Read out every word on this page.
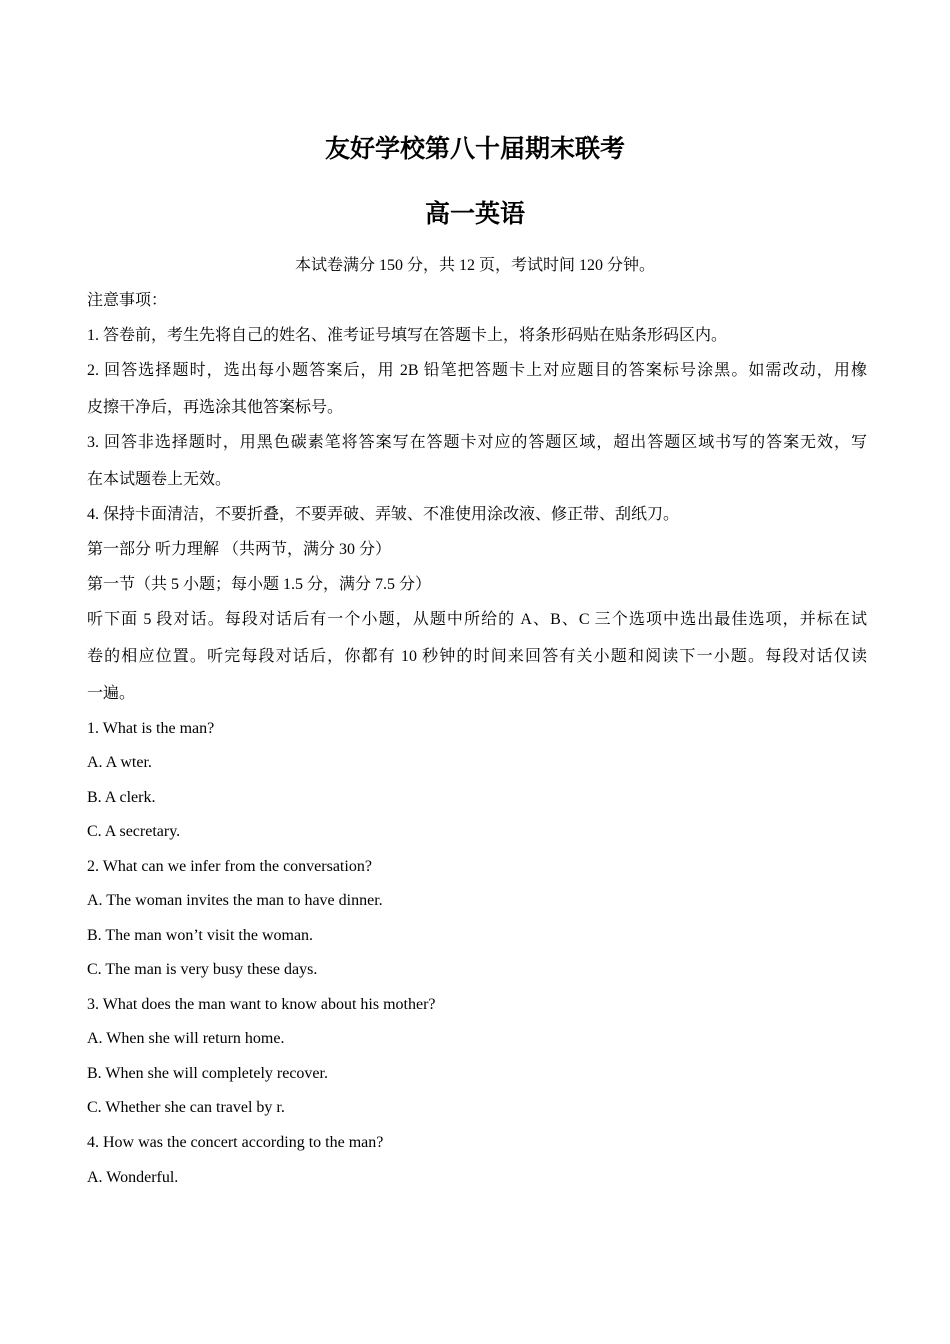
友好学校第八十届期末联考
高一英语
本试卷满分 150 分，共 12 页，考试时间 120 分钟。
注意事项：
1. 答卷前，考生先将自己的姓名、准考证号填写在答题卡上，将条形码贴在贴条形码区内。
2. 回答选择题时，选出每小题答案后，用 2B 铅笔把答题卡上对应题目的答案标号涂黑。如需改动，用橡
皮擦干净后，再选涂其他答案标号。
3. 回答非选择题时，用黑色碳素笔将答案写在答题卡对应的答题区域，超出答题区域书写的答案无效，写
在本试题卷上无效。
4. 保持卡面清洁，不要折叠，不要弄破、弄皱、不准使用涂改液、修正带、刮纸刀。
第一部分 听力理解 （共两节，满分 30 分）
第一节（共 5 小题；每小题 1.5 分，满分 7.5 分）
听下面 5 段对话。每段对话后有一个小题，从题中所给的 A、B、C 三个选项中选出最佳选项，并标在试
卷的相应位置。听完每段对话后，你都有 10 秒钟的时间来回答有关小题和阅读下一小题。每段对话仅读
一遍。
1. What is the man?
A. A wter.
B. A clerk.
C. A secretary.
2. What can we infer from the conversation?
A. The woman invites the man to have dinner.
B. The man won’t visit the woman.
C. The man is very busy these days.
3. What does the man want to know about his mother?
A. When she will return home.
B. When she will completely recover.
C. Whether she can travel by r.
4. How was the concert according to the man?
A. Wonderful.
